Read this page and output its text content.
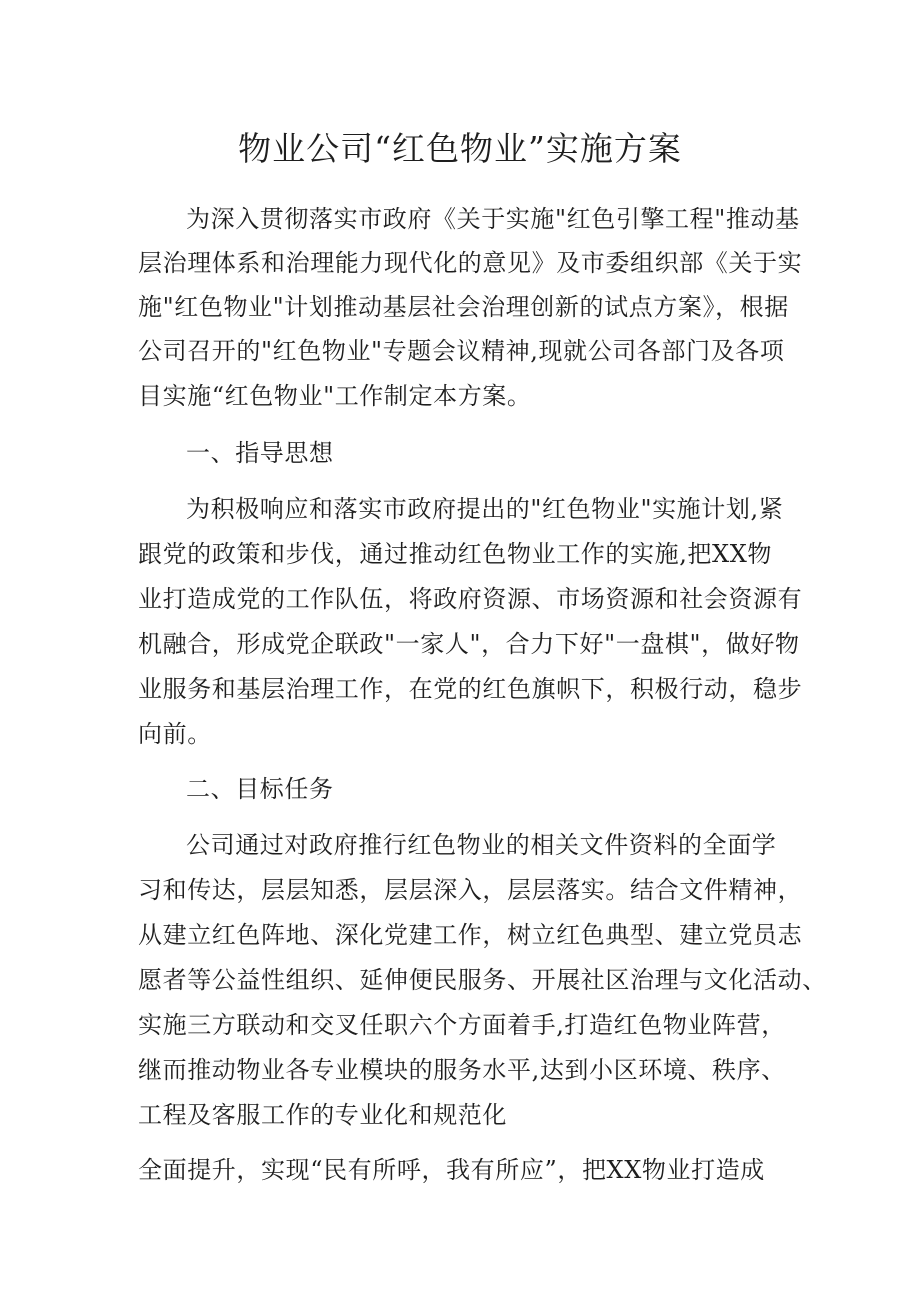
物业公司“红色物业”实施方案
为深入贯彻落实市政府《关于实施"红色引擎工程"推动基
层治理体系和治理能力现代化的意见》及市委组织部《关于实
施"红色物业"计划推动基层社会治理创新的试点方案》，根据
公司召开的"红色物业"专题会议精神,现就公司各部门及各项
目实施“红色物业"工作制定本方案。
一、指导思想
为积极响应和落实市政府提出的"红色物业"实施计划,紧
跟党的政策和步伐，通过推动红色物业工作的实施,把XX物
业打造成党的工作队伍，将政府资源、市场资源和社会资源有
机融合，形成党企联政"一家人"，合力下好"一盘棋"，做好物
业服务和基层治理工作，在党的红色旗帜下，积极行动，稳步
向前。
二、目标任务
公司通过对政府推行红色物业的相关文件资料的全面学
习和传达，层层知悉，层层深入，层层落实。结合文件精神，
从建立红色阵地、深化党建工作，树立红色典型、建立党员志
愿者等公益性组织、延伸便民服务、开展社区治理与文化活动、
实施三方联动和交叉任职六个方面着手,打造红色物业阵营，
继而推动物业各专业模块的服务水平,达到小区环境、秩序、
工程及客服工作的专业化和规范化
全面提升，实现“民有所呼，我有所应”，把XX物业打造成
